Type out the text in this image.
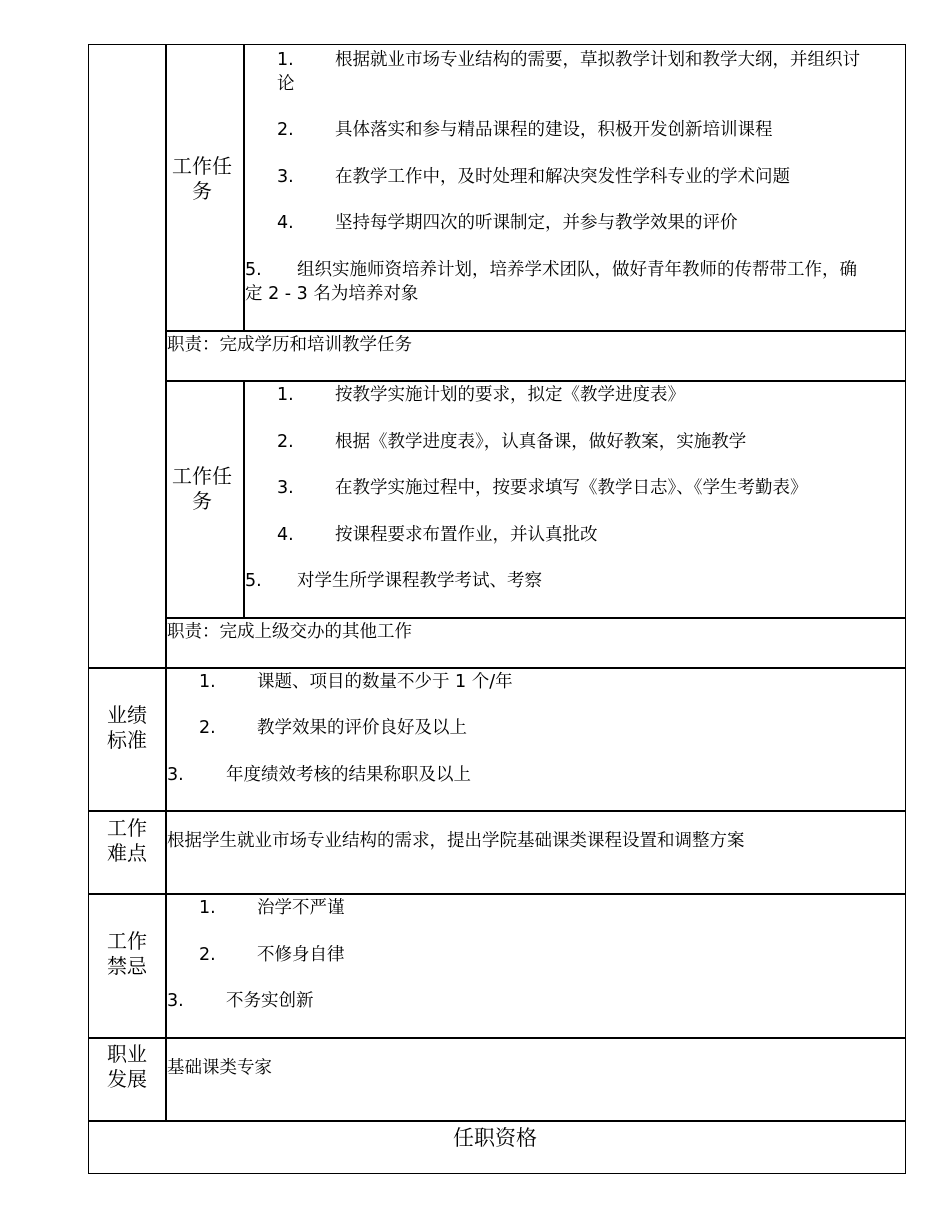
工作任务
1. 根据就业市场专业结构的需要，草拟教学计划和教学大纲，并组织讨
论
2. 具体落实和参与精品课程的建设，积极开发创新培训课程
3. 在教学工作中，及时处理和解决突发性学科专业的学术问题
4. 坚持每学期四次的听课制定，并参与教学效果的评价
5. 组织实施师资培养计划，培养学术团队，做好青年教师的传帮带工作，确
定 2 - 3 名为培养对象
职责：完成学历和培训教学任务
工作任务
1. 按教学实施计划的要求，拟定《教学进度表》
2. 根据《教学进度表》，认真备课，做好教案，实施教学
3. 在教学实施过程中，按要求填写《教学日志》、《学生考勤表》
4. 按课程要求布置作业，并认真批改
5. 对学生所学课程教学考试、考察
职责：完成上级交办的其他工作
业绩标准
1. 课题、项目的数量不少于 1 个/年
2. 教学效果的评价良好及以上
3. 年度绩效考核的结果称职及以上
工作难点 根据学生就业市场专业结构的需求，提出学院基础课类课程设置和调整方案
工作禁忌
1. 治学不严谨
2. 不修身自律
3. 不务实创新
职业发展 基础课类专家
任职资格
